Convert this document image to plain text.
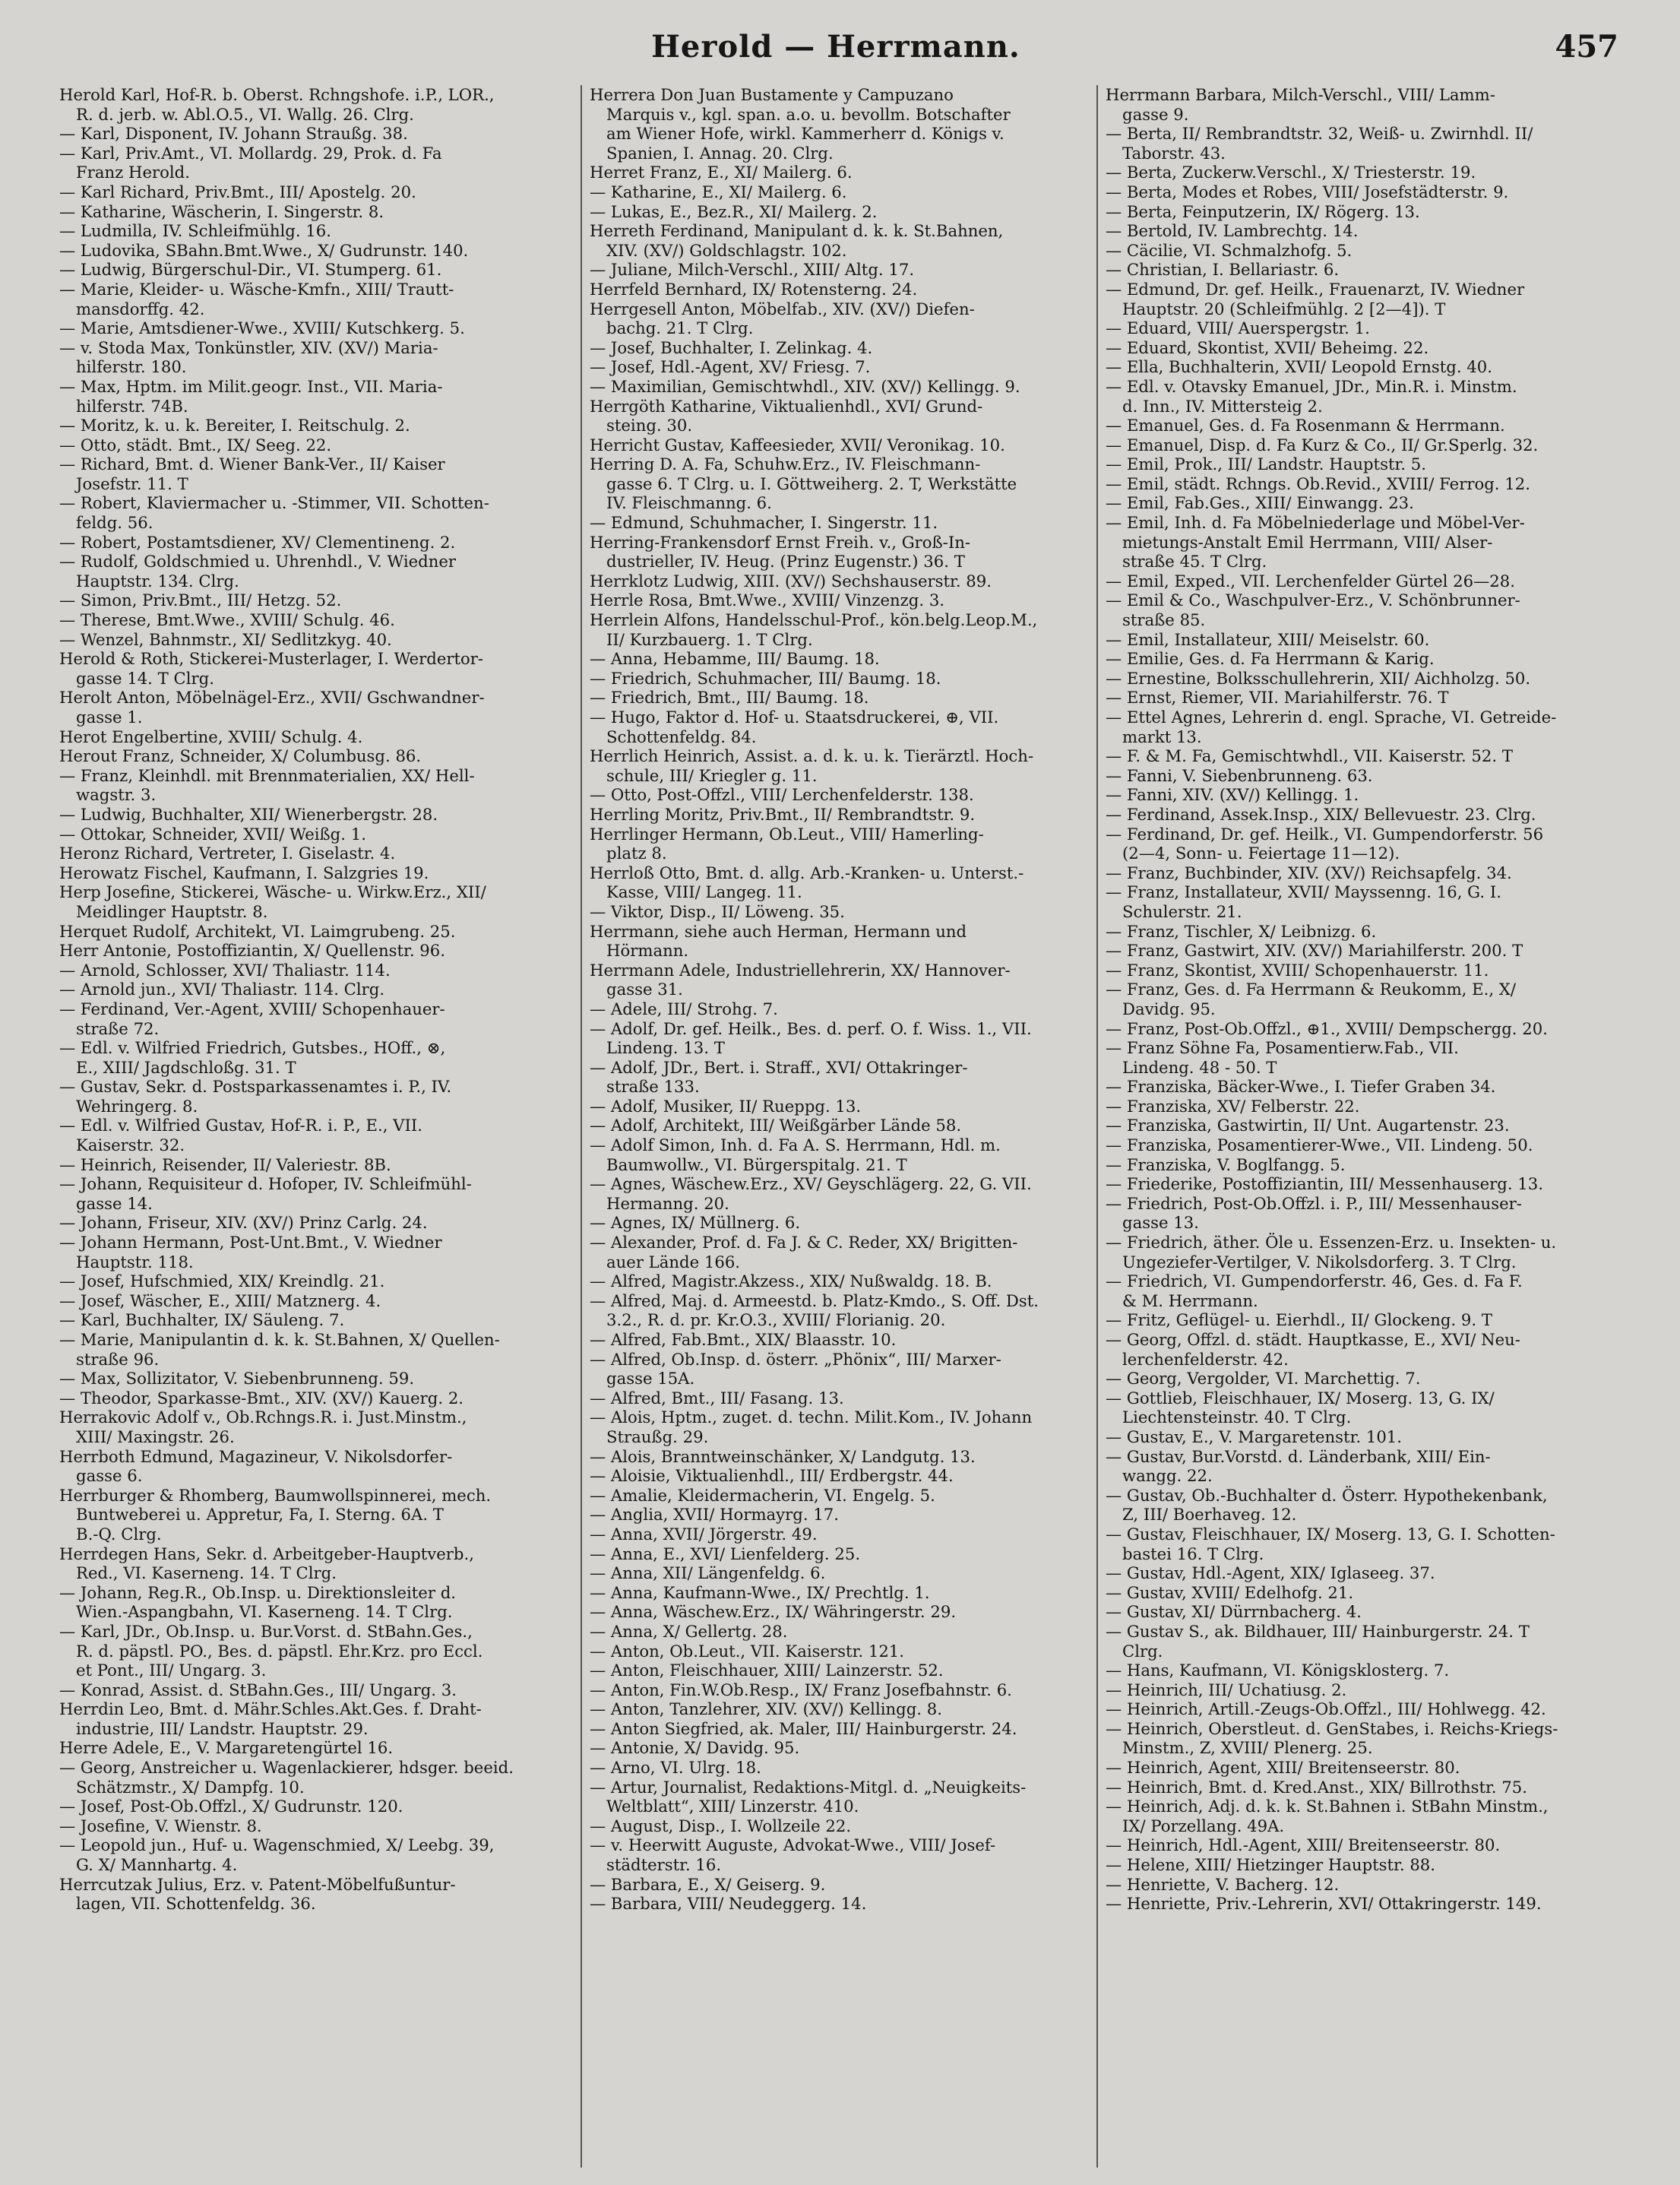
Herold — Herrmann.	457
Herold Karl, Hof-R. b. Oberst. Rchngshofe. i.P., LOR.,
R. d. jerb. w. Abl.O.5., VI. Wallg. 26. Clrg.
— Karl, Disponent, IV. Johann Straußg. 38.
— Karl, Priv.Amt., VI. Mollardg. 29, Prok. d. Fa
Franz Herold.
— Karl Richard, Priv.Bmt., III/ Apostelg. 20.
— Katharine, Wäscherin, I. Singerstr. 8.
— Ludmilla, IV. Schleifmühlg. 16.
— Ludovika, SBahn.Bmt.Wwe., X/ Gudrunstr. 140.
— Ludwig, Bürgerschul-Dir., VI. Stumperg. 61.
— Marie, Kleider- u. Wäsche-Kmfn., XIII/ Trautt-
mansdorffg. 42.
— Marie, Amtsdiener-Wwe., XVIII/ Kutschkerg. 5.
— v. Stoda Max, Tonkünstler, XIV. (XV/) Maria-
hilferstr. 180.
— Max, Hptm. im Milit.geogr. Inst., VII. Maria-
hilferstr. 74B.
— Moritz, k. u. k. Bereiter, I. Reitschulg. 2.
— Otto, städt. Bmt., IX/ Seeg. 22.
— Richard, Bmt. d. Wiener Bank-Ver., II/ Kaiser
Josefstr. 11. T
— Robert, Klaviermacher u. -Stimmer, VII. Schotten-
feldg. 56.
— Robert, Postamtsdiener, XV/ Clementineng. 2.
— Rudolf, Goldschmied u. Uhrenhdl., V. Wiedner
Hauptstr. 134. Clrg.
— Simon, Priv.Bmt., III/ Hetzg. 52.
— Therese, Bmt.Wwe., XVIII/ Schulg. 46.
— Wenzel, Bahnmstr., XI/ Sedlitzkyg. 40.
Herold & Roth, Stickerei-Musterlager, I. Werdertor-
gasse 14. T Clrg.
Herolt Anton, Möbelnägel-Erz., XVII/ Gschwandner-
gasse 1.
Herot Engelbertine, XVIII/ Schulg. 4.
Herout Franz, Schneider, X/ Columbusg. 86.
— Franz, Kleinhdl. mit Brennmaterialien, XX/ Hell-
wagstr. 3.
— Ludwig, Buchhalter, XII/ Wienerbergstr. 28.
— Ottokar, Schneider, XVII/ Weißg. 1.
Heronz Richard, Vertreter, I. Giselastr. 4.
Herowatz Fischel, Kaufmann, I. Salzgries 19.
Herp Josefine, Stickerei, Wäsche- u. Wirkw.Erz., XII/
Meidlinger Hauptstr. 8.
Herquet Rudolf, Architekt, VI. Laimgrubeng. 25.
Herr Antonie, Postoffiziantin, X/ Quellenstr. 96.
— Arnold, Schlosser, XVI/ Thaliastr. 114.
— Arnold jun., XVI/ Thaliastr. 114. Clrg.
— Ferdinand, Ver.-Agent, XVIII/ Schopenhauer-
straße 72.
— Edl. v. Wilfried Friedrich, Gutsbes., HOff., ⊗,
E., XIII/ Jagdschloßg. 31. T
— Gustav, Sekr. d. Postsparkassenamtes i. P., IV.
Wehringerg. 8.
— Edl. v. Wilfried Gustav, Hof-R. i. P., E., VII.
Kaiserstr. 32.
— Heinrich, Reisender, II/ Valeriestr. 8B.
— Johann, Requisiteur d. Hofoper, IV. Schleifmühl-
gasse 14.
— Johann, Friseur, XIV. (XV/) Prinz Carlg. 24.
— Johann Hermann, Post-Unt.Bmt., V. Wiedner
Hauptstr. 118.
— Josef, Hufschmied, XIX/ Kreindlg. 21.
— Josef, Wäscher, E., XIII/ Matznerg. 4.
— Karl, Buchhalter, IX/ Säuleng. 7.
— Marie, Manipulantin d. k. k. St.Bahnen, X/ Quellen-
straße 96.
— Max, Sollizitator, V. Siebenbrunneng. 59.
— Theodor, Sparkasse-Bmt., XIV. (XV/) Kauerg. 2.
Herrakovic Adolf v., Ob.Rchngs.R. i. Just.Minstm.,
XIII/ Maxingstr. 26.
Herrboth Edmund, Magazineur, V. Nikolsdorfer-
gasse 6.
Herrburger & Rhomberg, Baumwollspinnerei, mech.
Buntweberei u. Appretur, Fa, I. Sterng. 6A. T
B.-Q. Clrg.
Herrdegen Hans, Sekr. d. Arbeitgeber-Hauptverb.,
Red., VI. Kaserneng. 14. T Clrg.
— Johann, Reg.R., Ob.Insp. u. Direktionsleiter d.
Wien.-Aspangbahn, VI. Kaserneng. 14. T Clrg.
— Karl, JDr., Ob.Insp. u. Bur.Vorst. d. StBahn.Ges.,
R. d. päpstl. PO., Bes. d. päpstl. Ehr.Krz. pro Eccl.
et Pont., III/ Ungarg. 3.
— Konrad, Assist. d. StBahn.Ges., III/ Ungarg. 3.
Herrdin Leo, Bmt. d. Mähr.Schles.Akt.Ges. f. Draht-
industrie, III/ Landstr. Hauptstr. 29.
Herre Adele, E., V. Margaretengürtel 16.
— Georg, Anstreicher u. Wagenlackierer, hdsger. beeid.
Schätzmstr., X/ Dampfg. 10.
— Josef, Post-Ob.Offzl., X/ Gudrunstr. 120.
— Josefine, V. Wienstr. 8.
— Leopold jun., Huf- u. Wagenschmied, X/ Leebg. 39,
G. X/ Mannhartg. 4.
Herrcutzak Julius, Erz. v. Patent-Möbelfußuntur-
lagen, VII. Schottenfeldg. 36.
Herrera Don Juan Bustamente y Campuzano
Marquis v., kgl. span. a.o. u. bevollm. Botschafter
am Wiener Hofe, wirkl. Kammerherr d. Königs v.
Spanien, I. Annag. 20. Clrg.
Herret Franz, E., XI/ Mailerg. 6.
— Katharine, E., XI/ Mailerg. 6.
— Lukas, E., Bez.R., XI/ Mailerg. 2.
Herreth Ferdinand, Manipulant d. k. k. St.Bahnen,
XIV. (XV/) Goldschlagstr. 102.
— Juliane, Milch-Verschl., XIII/ Altg. 17.
Herrfeld Bernhard, IX/ Rotensterng. 24.
Herrgesell Anton, Möbelfab., XIV. (XV/) Diefen-
bachg. 21. T Clrg.
— Josef, Buchhalter, I. Zelinkag. 4.
— Josef, Hdl.-Agent, XV/ Friesg. 7.
— Maximilian, Gemischtwhdl., XIV. (XV/) Kellingg. 9.
Herrgöth Katharine, Viktualienhdl., XVI/ Grund-
steing. 30.
Herricht Gustav, Kaffeesieder, XVII/ Veronikag. 10.
Herring D. A. Fa, Schuhw.Erz., IV. Fleischmann-
gasse 6. T Clrg. u. I. Göttweiherg. 2. T, Werkstätte
IV. Fleischmanng. 6.
— Edmund, Schuhmacher, I. Singerstr. 11.
Herring-Frankensdorf Ernst Freih. v., Groß-In-
dustrieller, IV. Heug. (Prinz Eugenstr.) 36. T
Herrklotz Ludwig, XIII. (XV/) Sechshauserstr. 89.
Herrle Rosa, Bmt.Wwe., XVIII/ Vinzenzg. 3.
Herrlein Alfons, Handelsschul-Prof., kön.belg.Leop.M.,
II/ Kurzbauerg. 1. T Clrg.
— Anna, Hebamme, III/ Baumg. 18.
— Friedrich, Schuhmacher, III/ Baumg. 18.
— Friedrich, Bmt., III/ Baumg. 18.
— Hugo, Faktor d. Hof- u. Staatsdruckerei, ⊕, VII.
Schottenfeldg. 84.
Herrlich Heinrich, Assist. a. d. k. u. k. Tierärztl. Hoch-
schule, III/ Kriegler g. 11.
— Otto, Post-Offzl., VIII/ Lerchenfelderstr. 138.
Herrling Moritz, Priv.Bmt., II/ Rembrandtstr. 9.
Herrlinger Hermann, Ob.Leut., VIII/ Hamerling-
platz 8.
Herrloß Otto, Bmt. d. allg. Arb.-Kranken- u. Unterst.-
Kasse, VIII/ Langeg. 11.
— Viktor, Disp., II/ Löweng. 35.
Herrmann, siehe auch Herman, Hermann und
Hörmann.
Herrmann Adele, Industriellehrerin, XX/ Hannover-
gasse 31.
— Adele, III/ Strohg. 7.
— Adolf, Dr. gef. Heilk., Bes. d. perf. O. f. Wiss. 1., VII.
Lindeng. 13. T
— Adolf, JDr., Bert. i. Straff., XVI/ Ottakringer-
straße 133.
— Adolf, Musiker, II/ Rueppg. 13.
— Adolf, Architekt, III/ Weißgärber Lände 58.
— Adolf Simon, Inh. d. Fa A. S. Herrmann, Hdl. m.
Baumwollw., VI. Bürgerspitalg. 21. T
— Agnes, Wäschew.Erz., XV/ Geyschlägerg. 22, G. VII.
Hermanng. 20.
— Agnes, IX/ Müllnerg. 6.
— Alexander, Prof. d. Fa J. & C. Reder, XX/ Brigitten-
auer Lände 166.
— Alfred, Magistr.Akzess., XIX/ Nußwaldg. 18. B.
— Alfred, Maj. d. Armeestd. b. Platz-Kmdo., S. Off. Dst.
3.2., R. d. pr. Kr.O.3., XVIII/ Florianig. 20.
— Alfred, Fab.Bmt., XIX/ Blaasstr. 10.
— Alfred, Ob.Insp. d. österr. „Phönix“, III/ Marxer-
gasse 15A.
— Alfred, Bmt., III/ Fasang. 13.
— Alois, Hptm., zuget. d. techn. Milit.Kom., IV. Johann
Straußg. 29.
— Alois, Branntweinschänker, X/ Landgutg. 13.
— Aloisie, Viktualienhdl., III/ Erdbergstr. 44.
— Amalie, Kleidermacherin, VI. Engelg. 5.
— Anglia, XVII/ Hormayrg. 17.
— Anna, XVII/ Jörgerstr. 49.
— Anna, E., XVI/ Lienfelderg. 25.
— Anna, XII/ Längenfeldg. 6.
— Anna, Kaufmann-Wwe., IX/ Prechtlg. 1.
— Anna, Wäschew.Erz., IX/ Währingerstr. 29.
— Anna, X/ Gellertg. 28.
— Anton, Ob.Leut., VII. Kaiserstr. 121.
— Anton, Fleischhauer, XIII/ Lainzerstr. 52.
— Anton, Fin.W.Ob.Resp., IX/ Franz Josefbahnstr. 6.
— Anton, Tanzlehrer, XIV. (XV/) Kellingg. 8.
— Anton Siegfried, ak. Maler, III/ Hainburgerstr. 24.
— Antonie, X/ Davidg. 95.
— Arno, VI. Ulrg. 18.
— Artur, Journalist, Redaktions-Mitgl. d. „Neuigkeits-
Weltblatt“, XIII/ Linzerstr. 410.
— August, Disp., I. Wollzeile 22.
— v. Heerwitt Auguste, Advokat-Wwe., VIII/ Josef-
städterstr. 16.
— Barbara, E., X/ Geiserg. 9.
— Barbara, VIII/ Neudeggerg. 14.
Herrmann Barbara, Milch-Verschl., VIII/ Lamm-
gasse 9.
— Berta, II/ Rembrandtstr. 32, Weiß- u. Zwirnhdl. II/
Taborstr. 43.
— Berta, Zuckerw.Verschl., X/ Triesterstr. 19.
— Berta, Modes et Robes, VIII/ Josefstädterstr. 9.
— Berta, Feinputzerin, IX/ Rögerg. 13.
— Bertold, IV. Lambrechtg. 14.
— Cäcilie, VI. Schmalzhofg. 5.
— Christian, I. Bellariastr. 6.
— Edmund, Dr. gef. Heilk., Frauenarzt, IV. Wiedner
Hauptstr. 20 (Schleifmühlg. 2 [2—4]). T
— Eduard, VIII/ Auerspergstr. 1.
— Eduard, Skontist, XVII/ Beheimg. 22.
— Ella, Buchhalterin, XVII/ Leopold Ernstg. 40.
— Edl. v. Otavsky Emanuel, JDr., Min.R. i. Minstm.
d. Inn., IV. Mittersteig 2.
— Emanuel, Ges. d. Fa Rosenmann & Herrmann.
— Emanuel, Disp. d. Fa Kurz & Co., II/ Gr.Sperlg. 32.
— Emil, Prok., III/ Landstr. Hauptstr. 5.
— Emil, städt. Rchngs. Ob.Revid., XVIII/ Ferrog. 12.
— Emil, Fab.Ges., XIII/ Einwangg. 23.
— Emil, Inh. d. Fa Möbelniederlage und Möbel-Ver-
mietungs-Anstalt Emil Herrmann, VIII/ Alser-
straße 45. T Clrg.
— Emil, Exped., VII. Lerchenfelder Gürtel 26—28.
— Emil & Co., Waschpulver-Erz., V. Schönbrunner-
straße 85.
— Emil, Installateur, XIII/ Meiselstr. 60.
— Emilie, Ges. d. Fa Herrmann & Karig.
— Ernestine, Bolksschullehrerin, XII/ Aichholzg. 50.
— Ernst, Riemer, VII. Mariahilferstr. 76. T
— Ettel Agnes, Lehrerin d. engl. Sprache, VI. Getreide-
markt 13.
— F. & M. Fa, Gemischtwhdl., VII. Kaiserstr. 52. T
— Fanni, V. Siebenbrunneng. 63.
— Fanni, XIV. (XV/) Kellingg. 1.
— Ferdinand, Assek.Insp., XIX/ Bellevuestr. 23. Clrg.
— Ferdinand, Dr. gef. Heilk., VI. Gumpendorferstr. 56
(2—4, Sonn- u. Feiertage 11—12).
— Franz, Buchbinder, XIV. (XV/) Reichsapfelg. 34.
— Franz, Installateur, XVII/ Mayssenng. 16, G. I.
Schulerstr. 21.
— Franz, Tischler, X/ Leibnizg. 6.
— Franz, Gastwirt, XIV. (XV/) Mariahilferstr. 200. T
— Franz, Skontist, XVIII/ Schopenhauerstr. 11.
— Franz, Ges. d. Fa Herrmann & Reukomm, E., X/
Davidg. 95.
— Franz, Post-Ob.Offzl., ⊕1., XVIII/ Dempschergg. 20.
— Franz Söhne Fa, Posamentierw.Fab., VII.
Lindeng. 48 - 50. T
— Franziska, Bäcker-Wwe., I. Tiefer Graben 34.
— Franziska, XV/ Felberstr. 22.
— Franziska, Gastwirtin, II/ Unt. Augartenstr. 23.
— Franziska, Posamentierer-Wwe., VII. Lindeng. 50.
— Franziska, V. Boglfangg. 5.
— Friederike, Postoffiziantin, III/ Messenhauserg. 13.
— Friedrich, Post-Ob.Offzl. i. P., III/ Messenhauser-
gasse 13.
— Friedrich, äther. Öle u. Essenzen-Erz. u. Insekten- u.
Ungeziefer-Vertilger, V. Nikolsdorferg. 3. T Clrg.
— Friedrich, VI. Gumpendorferstr. 46, Ges. d. Fa F.
& M. Herrmann.
— Fritz, Geflügel- u. Eierhdl., II/ Glockeng. 9. T
— Georg, Offzl. d. städt. Hauptkasse, E., XVI/ Neu-
lerchenfelderstr. 42.
— Georg, Vergolder, VI. Marchettig. 7.
— Gottlieb, Fleischhauer, IX/ Moserg. 13, G. IX/
Liechtensteinstr. 40. T Clrg.
— Gustav, E., V. Margaretenstr. 101.
— Gustav, Bur.Vorstd. d. Länderbank, XIII/ Ein-
wangg. 22.
— Gustav, Ob.-Buchhalter d. Österr. Hypothekenbank,
Z, III/ Boerhaveg. 12.
— Gustav, Fleischhauer, IX/ Moserg. 13, G. I. Schotten-
bastei 16. T Clrg.
— Gustav, Hdl.-Agent, XIX/ Iglaseeg. 37.
— Gustav, XVIII/ Edelhofg. 21.
— Gustav, XI/ Dürrnbacherg. 4.
— Gustav S., ak. Bildhauer, III/ Hainburgerstr. 24. T
Clrg.
— Hans, Kaufmann, VI. Königsklosterg. 7.
— Heinrich, III/ Uchatiusg. 2.
— Heinrich, Artill.-Zeugs-Ob.Offzl., III/ Hohlwegg. 42.
— Heinrich, Oberstleut. d. GenStabes, i. Reichs-Kriegs-
Minstm., Z, XVIII/ Plenerg. 25.
— Heinrich, Agent, XIII/ Breitenseerstr. 80.
— Heinrich, Bmt. d. Kred.Anst., XIX/ Billrothstr. 75.
— Heinrich, Adj. d. k. k. St.Bahnen i. StBahn Minstm.,
IX/ Porzellang. 49A.
— Heinrich, Hdl.-Agent, XIII/ Breitenseerstr. 80.
— Helene, XIII/ Hietzinger Hauptstr. 88.
— Henriette, V. Bacherg. 12.
— Henriette, Priv.-Lehrerin, XVI/ Ottakringerstr. 149.
